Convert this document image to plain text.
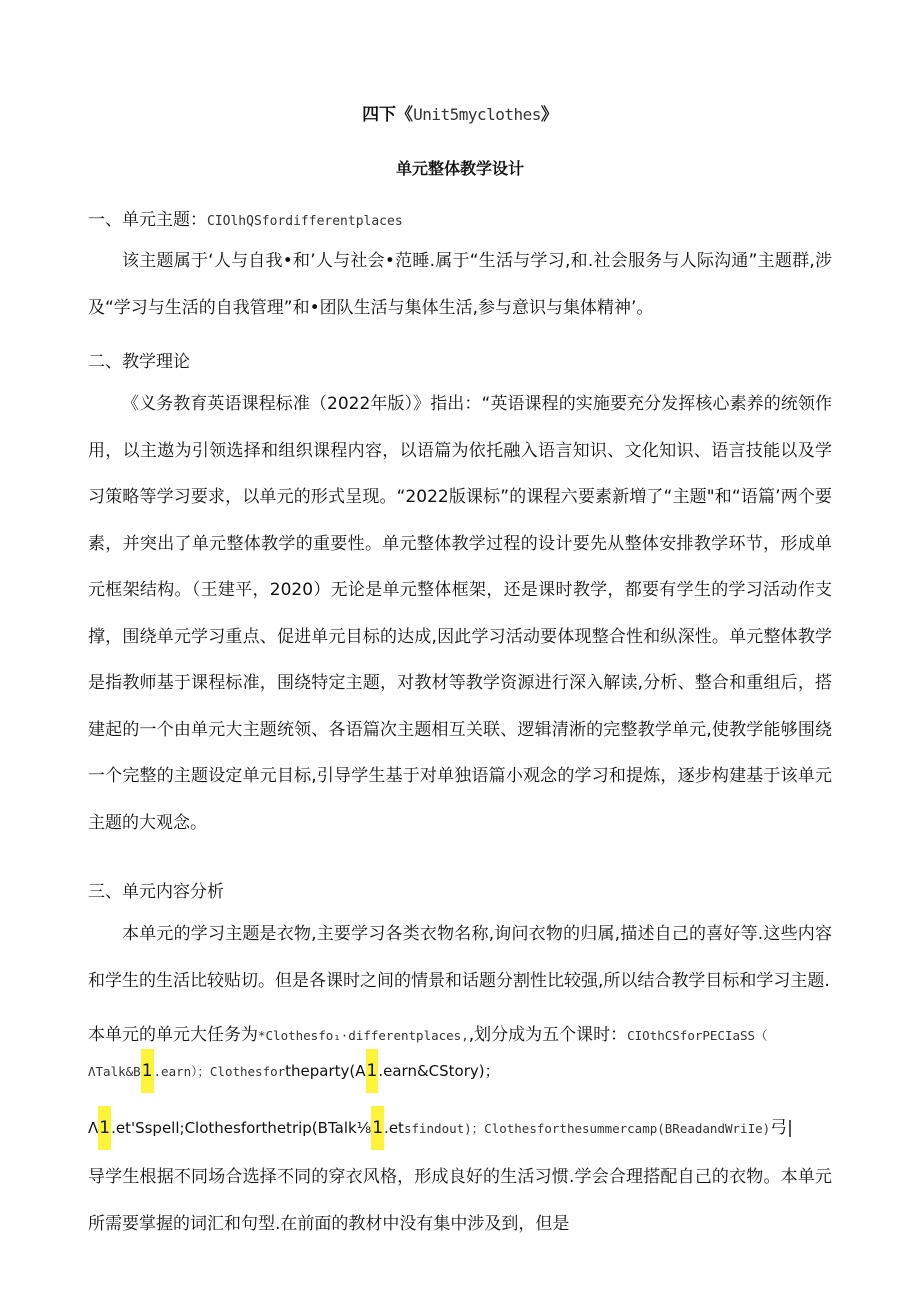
四下《Unit5myclothes》
单元整体教学设计
一、单元主题：CIOlhQSfordifferentplaces

该主题属于‘人与自我•和’人与社会•范睡.属于“生活与学习,和.社会服务与人际沟通”主题群,涉及“学习与生活的自我管理”和•团队生活与集体生活,参与意识与集体精神’。

二、教学理论

《义务教育英语课程标准（2022年版）》指出：“英语课程的实施要充分发挥核心素养的统领作用，以主遨为引领选择和组织课程内容，以语篇为依托融入语言知识、文化知识、语言技能以及学习策略等学习要求，以单元的形式呈现。“2022版课标”的课程六要素新増了“主题"和“语篇’两个要素，并突出了单元整体教学的重要性。单元整体教学过程的设计要先从整体安排教学环节，形成单元框架结构。（王建平，2020）无论是单元整体框架，还是课时教学，都要有学生的学习活动作支撑，围绕单元学习重点、促进单元目标的达成,因此学习活动要体现整合性和纵深性。单元整体教学是指教师基于课程标准，围绕特定主题，对教材等教学资源进行深入解读,分析、整合和重组后，搭建起的一个由单元大主题统领、各语篇次主题相互关联、逻辑清淅的完整教学单元,使教学能够围绕一个完整的主题设定单元目标,引导学生基于对单独语篇小观念的学习和提炼，逐步构建基于该单元主题的大观念。

三、单元内容分析

本单元的学习主题是衣物,主要学习各类衣物名称,询问衣物的归属,描述自己的喜好等.这些内容和学生的生活比较贴切。但是各课时之间的情景和话题分割性比较强,所以结合教学目标和学习主题.

本单元的单元大任务为*Clothesfo₁·differentplaces,,划分成为五个课时：CIOthCSforPECIaSS（
ΛTalk&B1.earn）；Clothesfortheparty(A1.earn&CStory)；
Λ1.et'Sspell;Clothesforthetrip(BTalk⅛1.etsfindout)；Clothesforthesummercamp(BReadandWriIe)弓|

导学生根据不同场合选择不同的穿衣风格，形成良好的生活习惯.学会合理搭配自己的衣物。本单元所需要掌握的词汇和句型.在前面的教材中没有集中涉及到，但是
